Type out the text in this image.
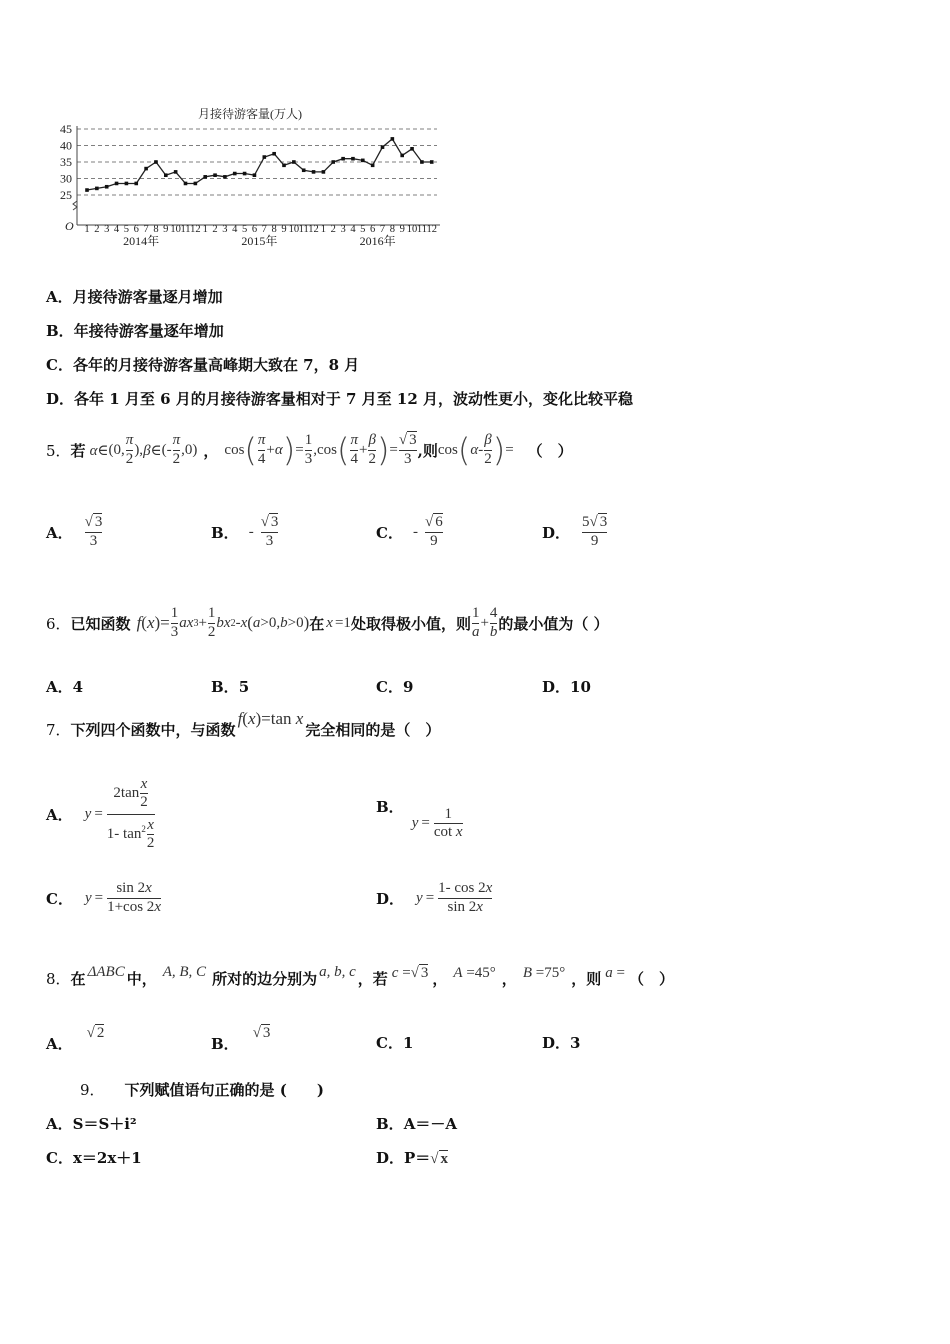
月接待游客量(万人)
45
40
35
30
25
O 1 2 3 4 5 6 7 8 9 10 11 12 1 2 3 4 5 6 7 8 9 10 11 12 1 2 3 4 5 6 7 8 9 10 11 12
2014年	2015年	2016年
A．月接待游客量逐月增加
B．年接待游客量逐年增加
C．各年的月接待游客量高峰期大致在 7，8 月
D．各年 1 月至 6 月的月接待游客量相对于 7 月至 12 月，波动性更小，变化比较平稳
5． 若 α∈ (0, $\frac{\pi}{2}$ ), β∈ (- $\frac{\pi}{2} ,0$) ， cos ( $\frac{\pi}{4} + \alpha$ ) = $\frac{1}{3} ,\cos$ ( $\frac{\pi}{4} + \frac{\beta}{2}$ ) = $\frac{√ 3}{3}$ ,则 cos ( α - $\frac{\beta}{2}$ ) = （　）
A． $\frac{√ 3}{3}$	B． - $\frac{√ 3}{3}$	C． - $\frac{√ 6}{9}$	D． $\frac{5√ 3}{9}$
6． 已知函数 f ( x )= $\frac{1}{3}$ ax $3 + \frac{1}{2}$ bx 2 - x ( a >0, b >0 ) 在 x =1 处取得极小值，则 $\frac{1}{a} + \frac{4}{b}$ 的最小值为（ ）
A．4	B．5	C．9	D．10
7． 下列四个函数中，与函数
f(x)=tan x
完全相同的是（　）
A． $y = \frac{2\tan \frac{x}{2}}{1- \tan^2 \frac{x}{2}}$	B．
$y = \frac{1}{\text{cot x}}$
C． $y = \frac{\sin 2x}{1+\cos 2x}$	D． $y = \frac{1- \cos 2x}{\sin 2x}$
8． 在 ΔABC 中， A, B, C 所对的边分别为 a, b, c ，若 c =√ 3 ， A =45° ， B =75° ，则 a = （　）
A．
√ 2
B．
√ 3
C．1	D．3
9． 下列赋值语句正确的是 (　　)
A．S＝S＋i²	B．A＝－A
C．x＝2x＋1	D．P＝√ x
